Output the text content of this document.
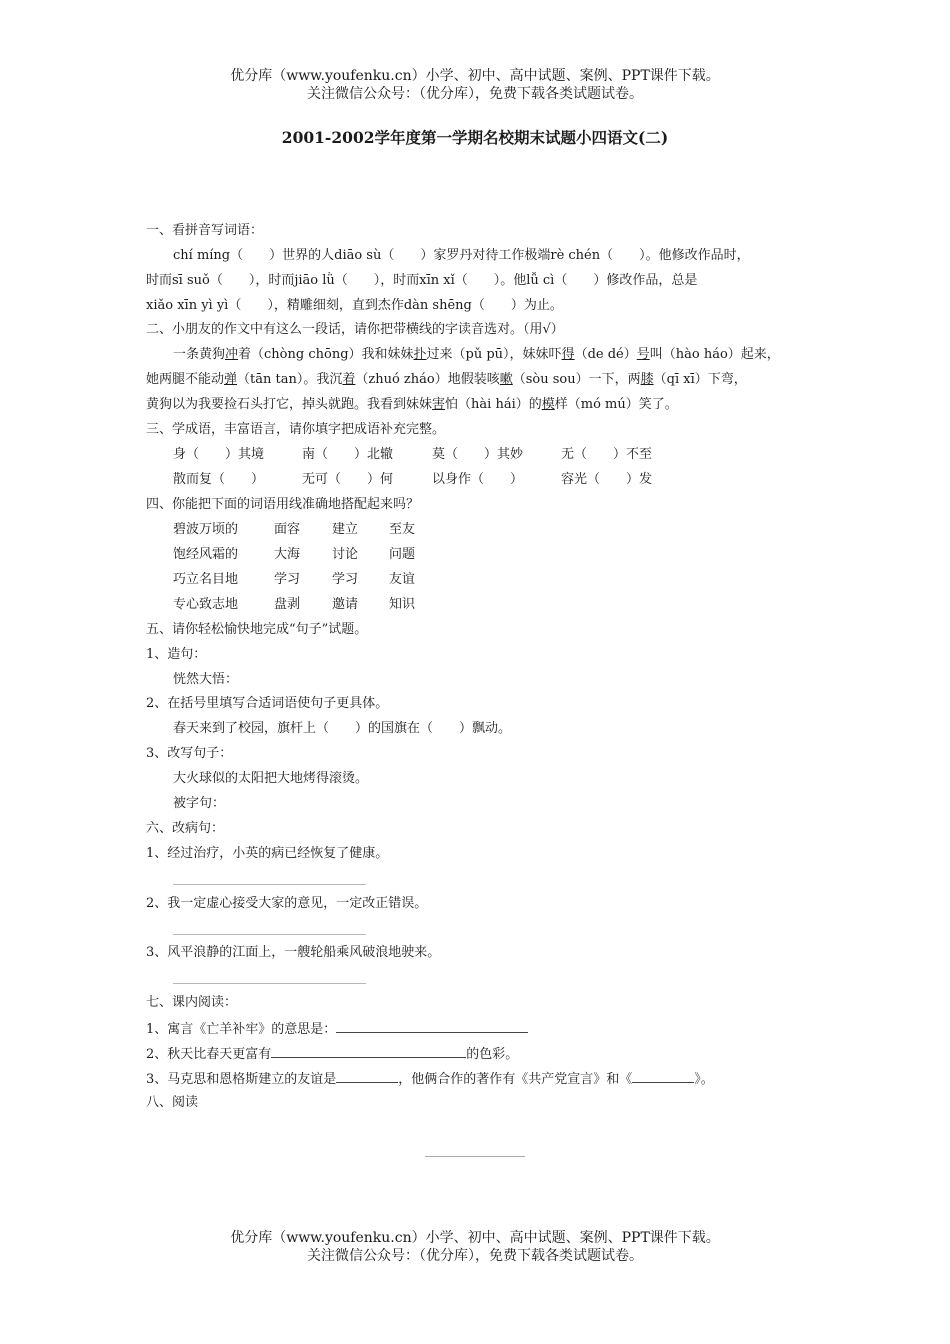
优分库（www.youfenku.cn）小学、初中、高中试题、案例、PPT课件下载。
关注微信公众号：（优分库），免费下载各类试题试卷。
2001-2002学年度第一学期名校期末试题小四语文(二)
一、看拼音写词语：
chí míng（　　）世界的人diāo sù（　　）家罗丹对待工作极端rè chén（　　）。他修改作品时，
时而sī suǒ（　　），时而jiāo lǜ（　　），时而xīn xǐ（　　）。他lǚ cì（　　）修改作品，总是
xiǎo xīn yì yì（　　），精雕细刻，直到杰作dàn shēng（　　）为止。
二、小朋友的作文中有这么一段话，请你把带横线的字读音选对。（用√）
一条黄狗冲着（chòng chōng）我和妹妹扑过来（pǔ pū），妹妹吓得（de dé）号叫（hào háo）起来，
她两腿不能动弹（tān tan）。我沉着（zhuó zháo）地假装咳嗽（sòu sou）一下，两膝（qī xī）下弯，
黄狗以为我要捡石头打它，掉头就跑。我看到妹妹害怕（hài hái）的模样（mó mú）笑了。
三、学成语，丰富语言，请你填字把成语补充完整。
身（　　）其境	南（　　）北辙	莫（　　）其妙	无（　　）不至
散而复（　　）	无可（　　）何	以身作（　　）	容光（　　）发
四、你能把下面的词语用线准确地搭配起来吗？
碧波万顷的	面容 建立 至友
饱经风霜的	大海 讨论 问题
巧立名目地	学习 学习 友谊
专心致志地	盘剥 邀请 知识
五、请你轻松愉快地完成“句子”试题。
1、造句：
恍然大悟：
2、在括号里填写合适词语使句子更具体。
春天来到了校园，旗杆上（　　）的国旗在（　　）飘动。
3、改写句子：
大火球似的太阳把大地烤得滚烫。
被字句：
六、改病句：
1、经过治疗，小英的病已经恢复了健康。
2、我一定虚心接受大家的意见，一定改正错误。
3、风平浪静的江面上，一艘轮船乘风破浪地驶来。
七、课内阅读：
1、寓言《亡羊补牢》的意思是：
2、秋天比春天更富有	的色彩。
3、马克思和恩格斯建立的友谊是	，他俩合作的著作有《共产党宣言》和《	》。
八、阅读
优分库（www.youfenku.cn）小学、初中、高中试题、案例、PPT课件下载。
关注微信公众号：（优分库），免费下载各类试题试卷。
